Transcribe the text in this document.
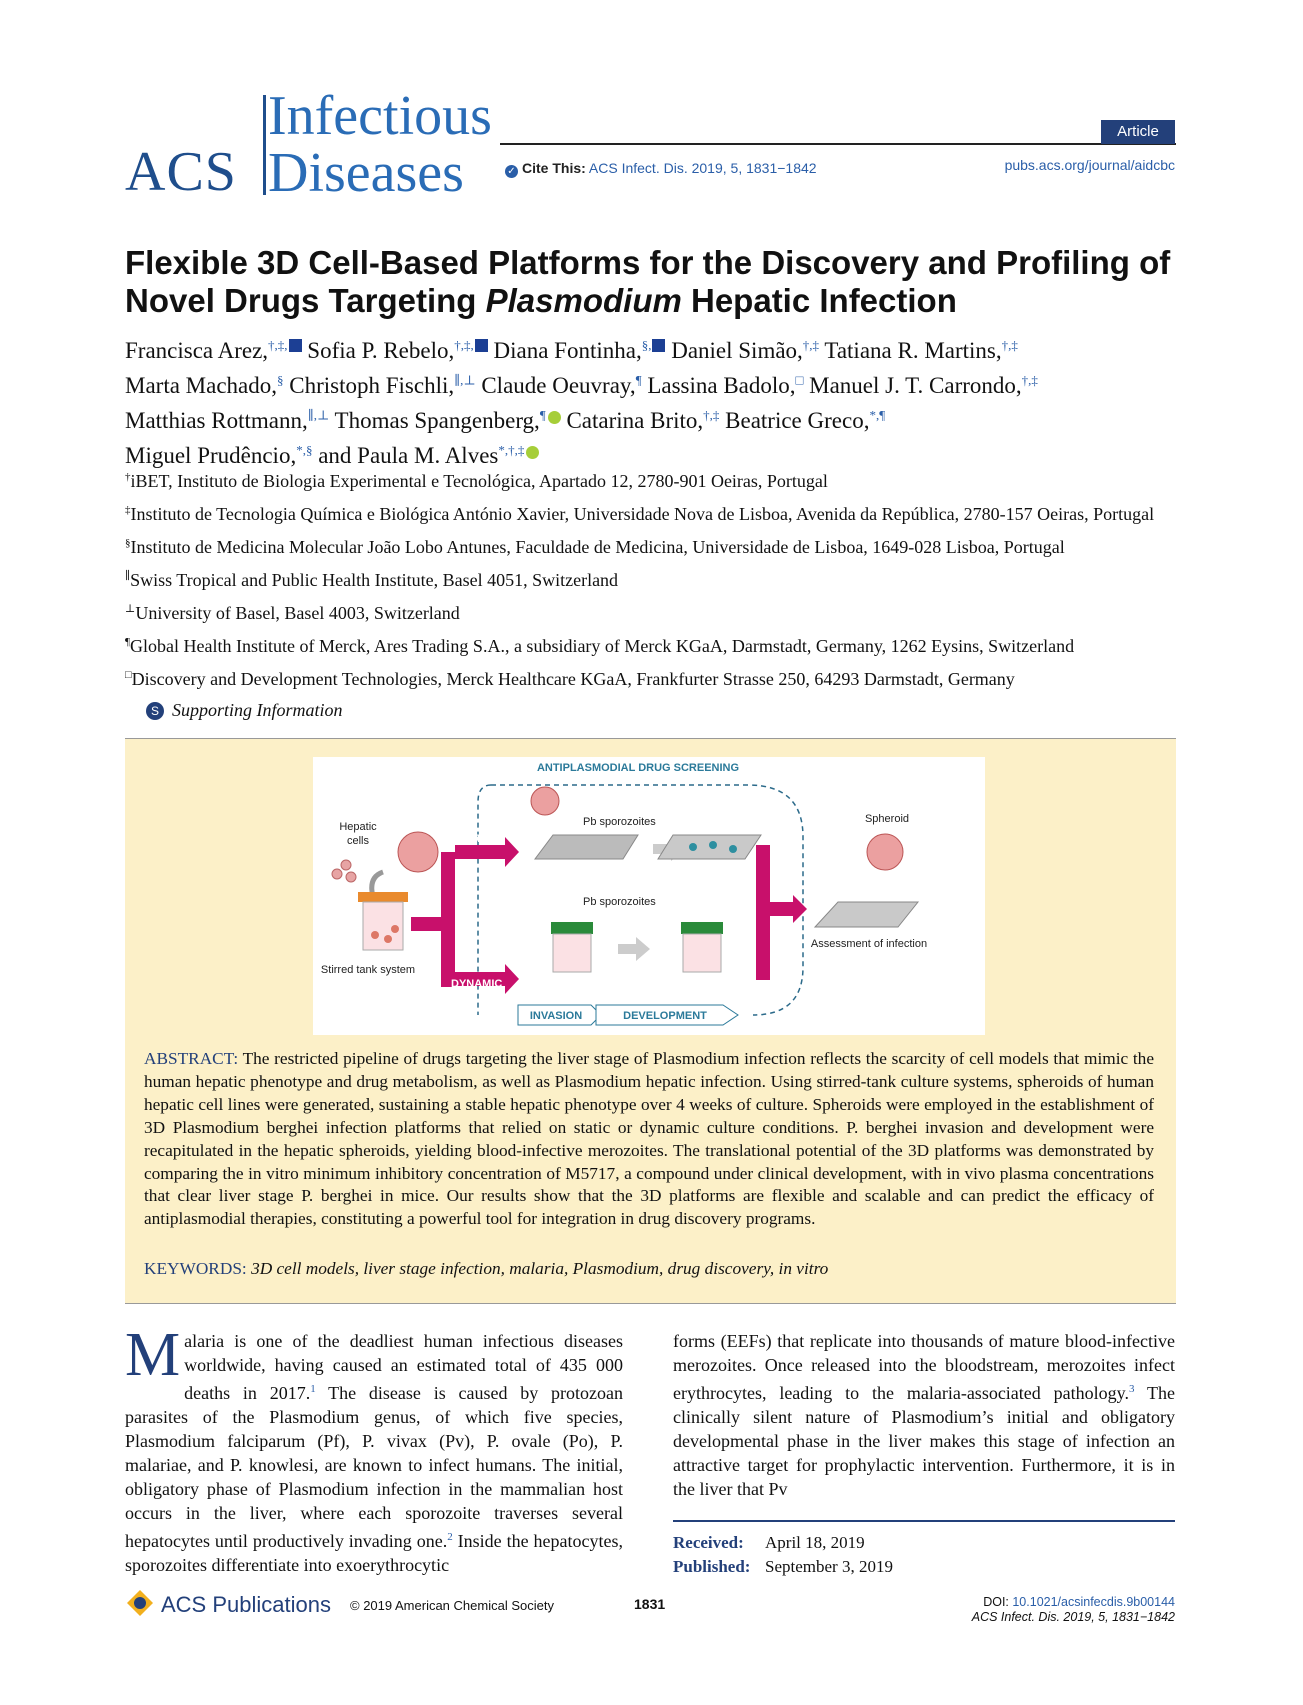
ACS
Infectious
Diseases
Article
✓ Cite This: ACS Infect. Dis. 2019, 5, 1831−1842	pubs.acs.org/journal/aidcbc
Flexible 3D Cell-Based Platforms for the Discovery and Profiling of Novel Drugs Targeting Plasmodium Hepatic Infection
Francisca Arez,†,‡, Sofia P. Rebelo,†,‡, Diana Fontinha,§, Daniel Simão,†,‡ Tatiana R. Martins,†,‡
Marta Machado,§ Christoph Fischli,∥,⊥ Claude Oeuvray,¶ Lassina Badolo,□ Manuel J. T. Carrondo,†,‡
Matthias Rottmann,∥,⊥ Thomas Spangenberg,¶ Catarina Brito,†,‡ Beatrice Greco,*,¶
Miguel Prudêncio,*,§ and Paula M. Alves*,†,‡

†iBET, Instituto de Biologia Experimental e Tecnológica, Apartado 12, 2780-901 Oeiras, Portugal

‡Instituto de Tecnologia Química e Biológica António Xavier, Universidade Nova de Lisboa, Avenida da República, 2780-157 Oeiras, Portugal

§Instituto de Medicina Molecular João Lobo Antunes, Faculdade de Medicina, Universidade de Lisboa, 1649-028 Lisboa, Portugal

∥Swiss Tropical and Public Health Institute, Basel 4051, Switzerland

⊥University of Basel, Basel 4003, Switzerland

¶Global Health Institute of Merck, Ares Trading S.A., a subsidiary of Merck KGaA, Darmstadt, Germany, 1262 Eysins, Switzerland

□Discovery and Development Technologies, Merck Healthcare KGaA, Frankfurter Strasse 250, 64293 Darmstadt, Germany

S Supporting Information
ANTIPLASMODIAL DRUG SCREENING
Hepatic
cells
Stirred tank system
STATIC
DYNAMIC
Pb sporozoites
Pb sporozoites
Spheroid
Assessment of infection
INVASION	DEVELOPMENT
ABSTRACT: The restricted pipeline of drugs targeting the liver stage of Plasmodium infection reflects the scarcity of cell models that mimic the human hepatic phenotype and drug metabolism, as well as Plasmodium hepatic infection. Using stirred-tank culture systems, spheroids of human hepatic cell lines were generated, sustaining a stable hepatic phenotype over 4 weeks of culture. Spheroids were employed in the establishment of 3D Plasmodium berghei infection platforms that relied on static or dynamic culture conditions. P. berghei invasion and development were recapitulated in the hepatic spheroids, yielding blood-infective merozoites. The translational potential of the 3D platforms was demonstrated by comparing the in vitro minimum inhibitory concentration of M5717, a compound under clinical development, with in vivo plasma concentrations that clear liver stage P. berghei in mice. Our results show that the 3D platforms are flexible and scalable and can predict the efficacy of antiplasmodial therapies, constituting a powerful tool for integration in drug discovery programs.
KEYWORDS: 3D cell models, liver stage infection, malaria, Plasmodium, drug discovery, in vitro
Malaria is one of the deadliest human infectious diseases worldwide, having caused an estimated total of 435 000 deaths in 2017.$^1$ The disease is caused by protozoan parasites of the Plasmodium genus, of which five species, Plasmodium falciparum (Pf), P. vivax (Pv), P. ovale (Po), P. malariae, and P. knowlesi, are known to infect humans. The initial, obligatory phase of Plasmodium infection in the mammalian host occurs in the liver, where each sporozoite traverses several hepatocytes until productively invading one.$^2$ Inside the hepatocytes, sporozoites differentiate into exoerythrocytic
forms (EEFs) that replicate into thousands of mature blood-infective merozoites. Once released into the bloodstream, merozoites infect erythrocytes, leading to the malaria-associated pathology.$^3$ The clinically silent nature of Plasmodium’s initial and obligatory developmental phase in the liver makes this stage of infection an attractive target for prophylactic intervention. Furthermore, it is in the liver that Pv
Received: April 18, 2019
Published: September 3, 2019
ACS Publications © 2019 American Chemical Society	1831	DOI: 10.1021/acsinfecdis.9b00144
ACS Infect. Dis. 2019, 5, 1831−1842
